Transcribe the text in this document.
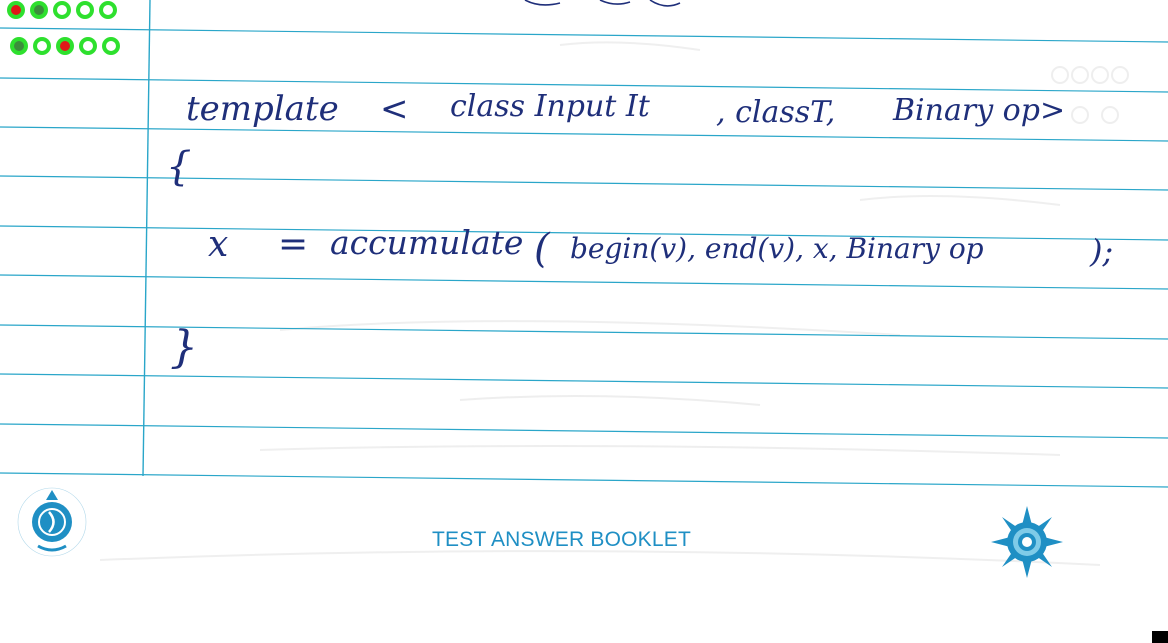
template < class Input It , classT, Binary op>
{
x = accumulate ( begin(v), end(v), x, Binary op	);
}
TEST ANSWER BOOKLET
